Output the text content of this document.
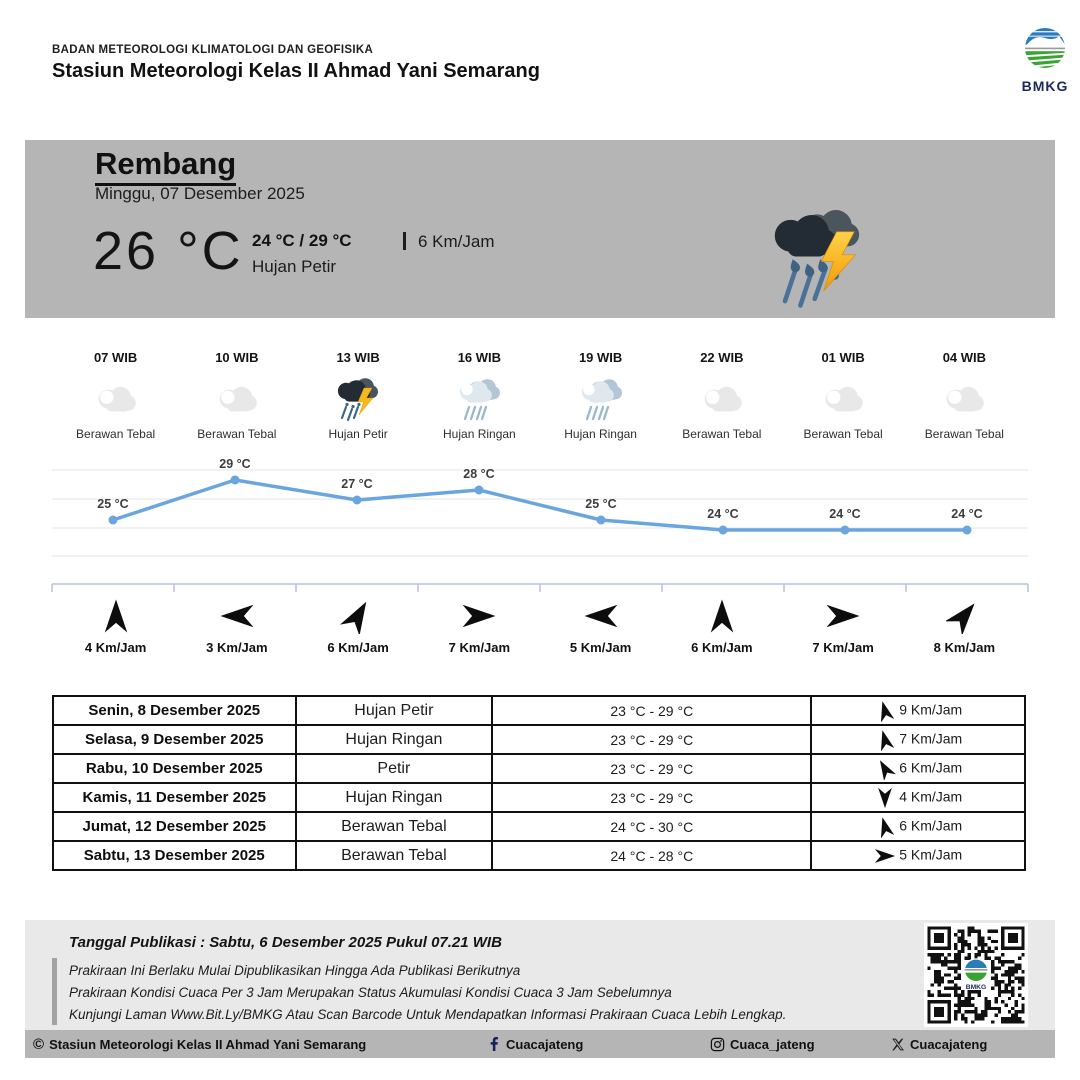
BADAN METEOROLOGI KLIMATOLOGI DAN GEOFISIKA
Stasiun Meteorologi Kelas II Ahmad Yani Semarang
BMKG
Rembang
Minggu, 07 Desember 2025
26 °C 24 °C / 29 °C
Hujan Petir
6 Km/Jam
07 WIB
Berawan Tebal
10 WIB
Berawan Tebal
13 WIB
Hujan Petir
16 WIB
Hujan Ringan
19 WIB
Hujan Ringan
22 WIB
Berawan Tebal
01 WIB
Berawan Tebal
04 WIB
Berawan Tebal
25 °C
29 °C
27 °C
28 °C
25 °C
24 °C	24 °C	24 °C
4 Km/Jam	3 Km/Jam	6 Km/Jam	7 Km/Jam	5 Km/Jam	6 Km/Jam	7 Km/Jam	8 Km/Jam
Senin, 8 Desember 2025	Hujan Petir	23 °C - 29 °C	9 Km/Jam
Selasa, 9 Desember 2025	Hujan Ringan	23 °C - 29 °C	7 Km/Jam
Rabu, 10 Desember 2025	Petir	23 °C - 29 °C	6 Km/Jam
Kamis, 11 Desember 2025	Hujan Ringan	23 °C - 29 °C	4 Km/Jam
Jumat, 12 Desember 2025	Berawan Tebal	24 °C - 30 °C	6 Km/Jam
Sabtu, 13 Desember 2025	Berawan Tebal	24 °C - 28 °C	5 Km/Jam
Tanggal Publikasi : Sabtu, 6 Desember 2025 Pukul 07.21 WIB
Prakiraan Ini Berlaku Mulai Dipublikasikan Hingga Ada Publikasi Berikutnya
Prakiraan Kondisi Cuaca Per 3 Jam Merupakan Status Akumulasi Kondisi Cuaca 3 Jam Sebelumnya
Kunjungi Laman Www.Bit.Ly/BMKG Atau Scan Barcode Untuk Mendapatkan Informasi Prakiraan Cuaca Lebih Lengkap.
BMKG
© Stasiun Meteorologi Kelas II Ahmad Yani Semarang	Cuacajateng	Cuaca_jateng	Cuacajateng
